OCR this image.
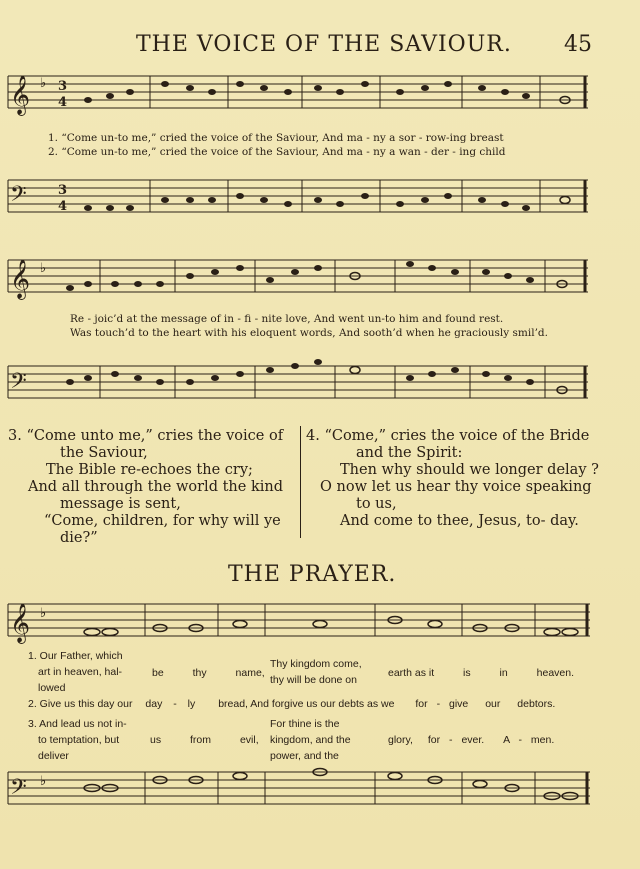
THE VOICE OF THE SAVIOUR. 45
𝄞 ♭ 3
4
1. “Come un-to me,” cried the voice of the Saviour, And ma - ny a sor - row-ing breast
2. “Come un-to me,” cried the voice of the Saviour, And ma - ny a wan - der - ing child
𝄢 3
4
𝄞 ♭
Re - joic’d at the message of in - fi - nite love, And went un-to him and found rest.
Was touch’d to the heart with his eloquent words, And sooth’d when he graciously smil’d.
𝄢
3. “Come unto me,” cries the voice of
the Saviour,
The Bible re-echoes the cry;
And all through the world the kind
message is sent,
“Come, children, for why will ye
die?”
4. “Come,” cries the voice of the Bride
and the Spirit:
Then why should we longer delay ?
O now let us hear thy voice speaking
to us,
And come to thee, Jesus, to- day.
THE PRAYER.
𝄞 ♭
1. Our Father, which
art in heaven, hal-
lowed
be	thy	name,
Thy kingdom come,
thy will be done on
earth as it	is	in	heaven.
2. Give us this day our day - ly bread, And forgive us our debts as we for - give our debtors.
3. And lead us not in-
to temptation, but
deliver
us	from	evil,
For thine is the
kingdom, and the
power, and the
glory, for - ever. A - men.
𝄢 ♭
